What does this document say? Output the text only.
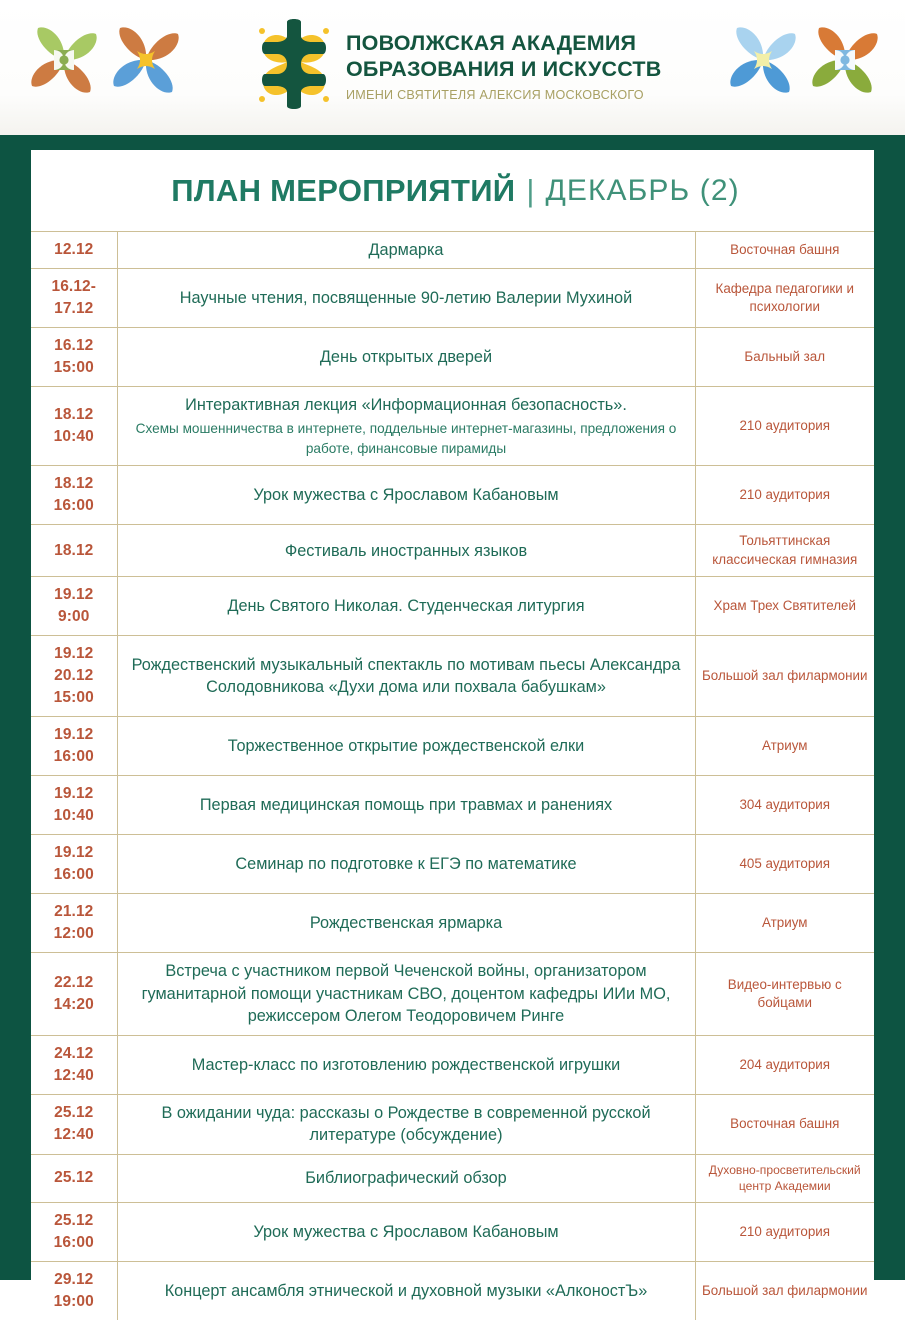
ПОВОЛЖСКАЯ АКАДЕМИЯ
ОБРАЗОВАНИЯ И ИСКУССТВ
ИМЕНИ СВЯТИТЕЛЯ АЛЕКСИЯ МОСКОВСКОГО
ПЛАН МЕРОПРИЯТИЙ | ДЕКАБРЬ (2)
12.12	Дармарка	Восточная башня

16.12-
17.12	Научные чтения, посвященные 90-летию Валерии Мухиной	Кафедра педагогики и психологии

16.12
15:00	День открытых дверей	Бальный зал

18.12
10:40
	Интерактивная лекция «Информационная безопасность».
Схемы мошенничества в интернете, поддельные интернет-магазины, предложения о работе, финансовые пирамиды
	210 аудитория

18.12
16:00	Урок мужества с Ярославом Кабановым	210 аудитория

18.12	Фестиваль иностранных языков	Тольяттинская классическая гимназия

19.12
9:00	День Святого Николая. Студенческая литургия	Храм Трех Святителей

19.12
20.12
15:00	Рождественский музыкальный спектакль по мотивам пьесы Александра Солодовникова «Духи дома или похвала бабушкам»	Большой зал филармонии

19.12
16:00	Торжественное открытие рождественской елки	Атриум

19.12
10:40	Первая медицинская помощь при травмах и ранениях	304 аудитория

19.12
16:00	Семинар по подготовке к ЕГЭ по математике	405 аудитория

21.12
12:00	Рождественская ярмарка	Атриум

22.12
14:20	Встреча с участником первой Чеченской войны, организатором гуманитарной помощи участникам СВО, доцентом кафедры ИИи МО, режиссером Олегом Теодоровичем Ринге	Видео-интервью с бойцами

24.12
12:40	Мастер-класс по изготовлению рождественской игрушки	204 аудитория

25.12
12:40	В ожидании чуда: рассказы о Рождестве в современной русской литературе (обсуждение)	Восточная башня

25.12	Библиографический обзор	Духовно-просветительский центр Академии

25.12
16:00	Урок мужества с Ярославом Кабановым	210 аудитория

29.12
19:00	Концерт ансамбля этнической и духовной музыки «АлконостЪ»	Большой зал филармонии
